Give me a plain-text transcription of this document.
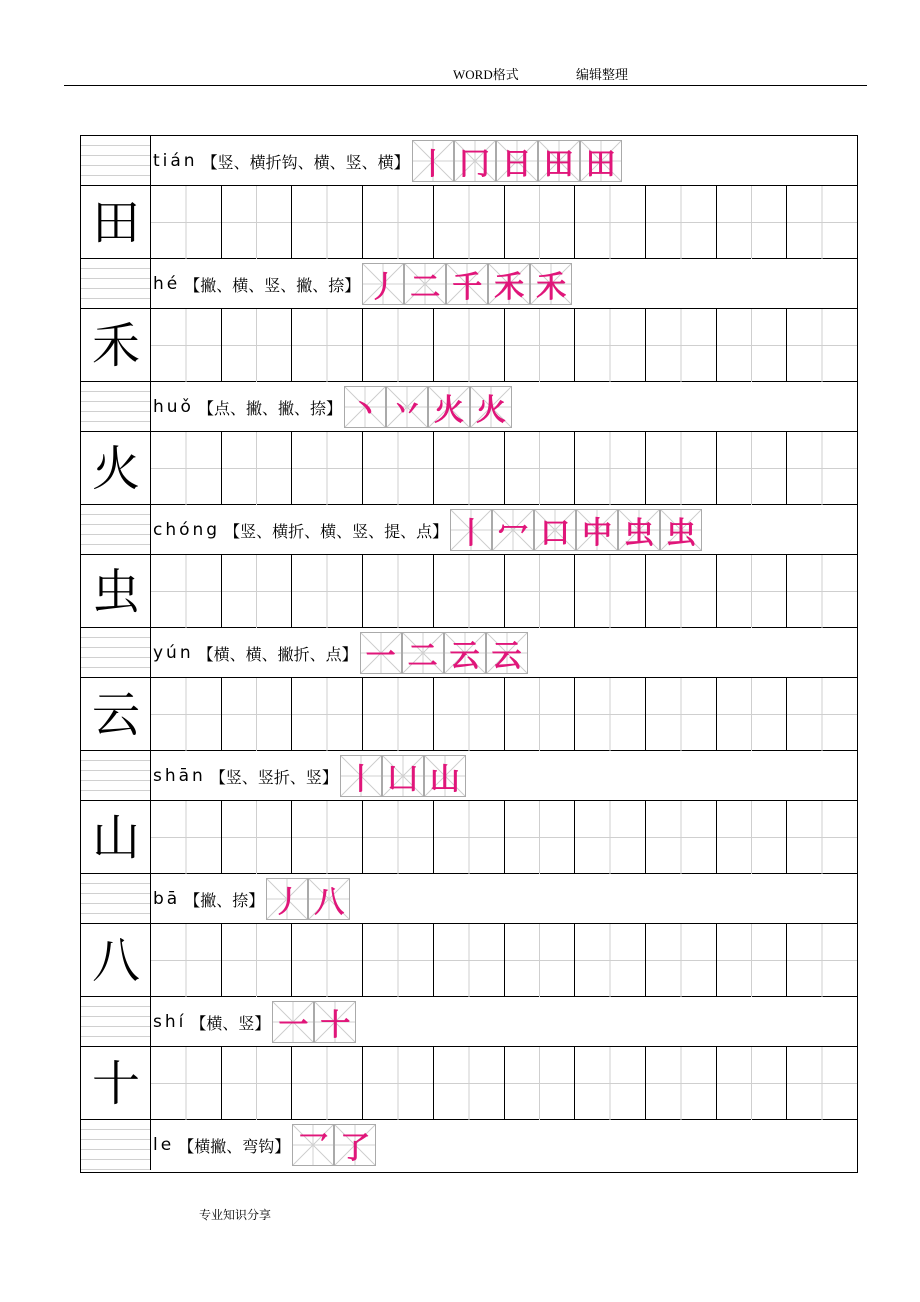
WORD格式	编辑整理
tián 【竖、横折钩、横、竖、横】 丨 冂 日 田 田
田
hé 【撇、横、竖、撇、捺】 丿 二 千 禾 禾
禾
huǒ 【点、撇、撇、捺】 丶 丷 火 火
火
chóng 【竖、横折、横、竖、提、点】 丨 冖 口 中 虫 虫
虫
yún 【横、横、撇折、点】 一 二 云 云
云
shān 【竖、竖折、竖】 丨 凵 山
山
bā 【撇、捺】 丿 八
八
shí 【横、竖】 一 十
十
le 【横撇、弯钩】 乛 了
专业知识分享
